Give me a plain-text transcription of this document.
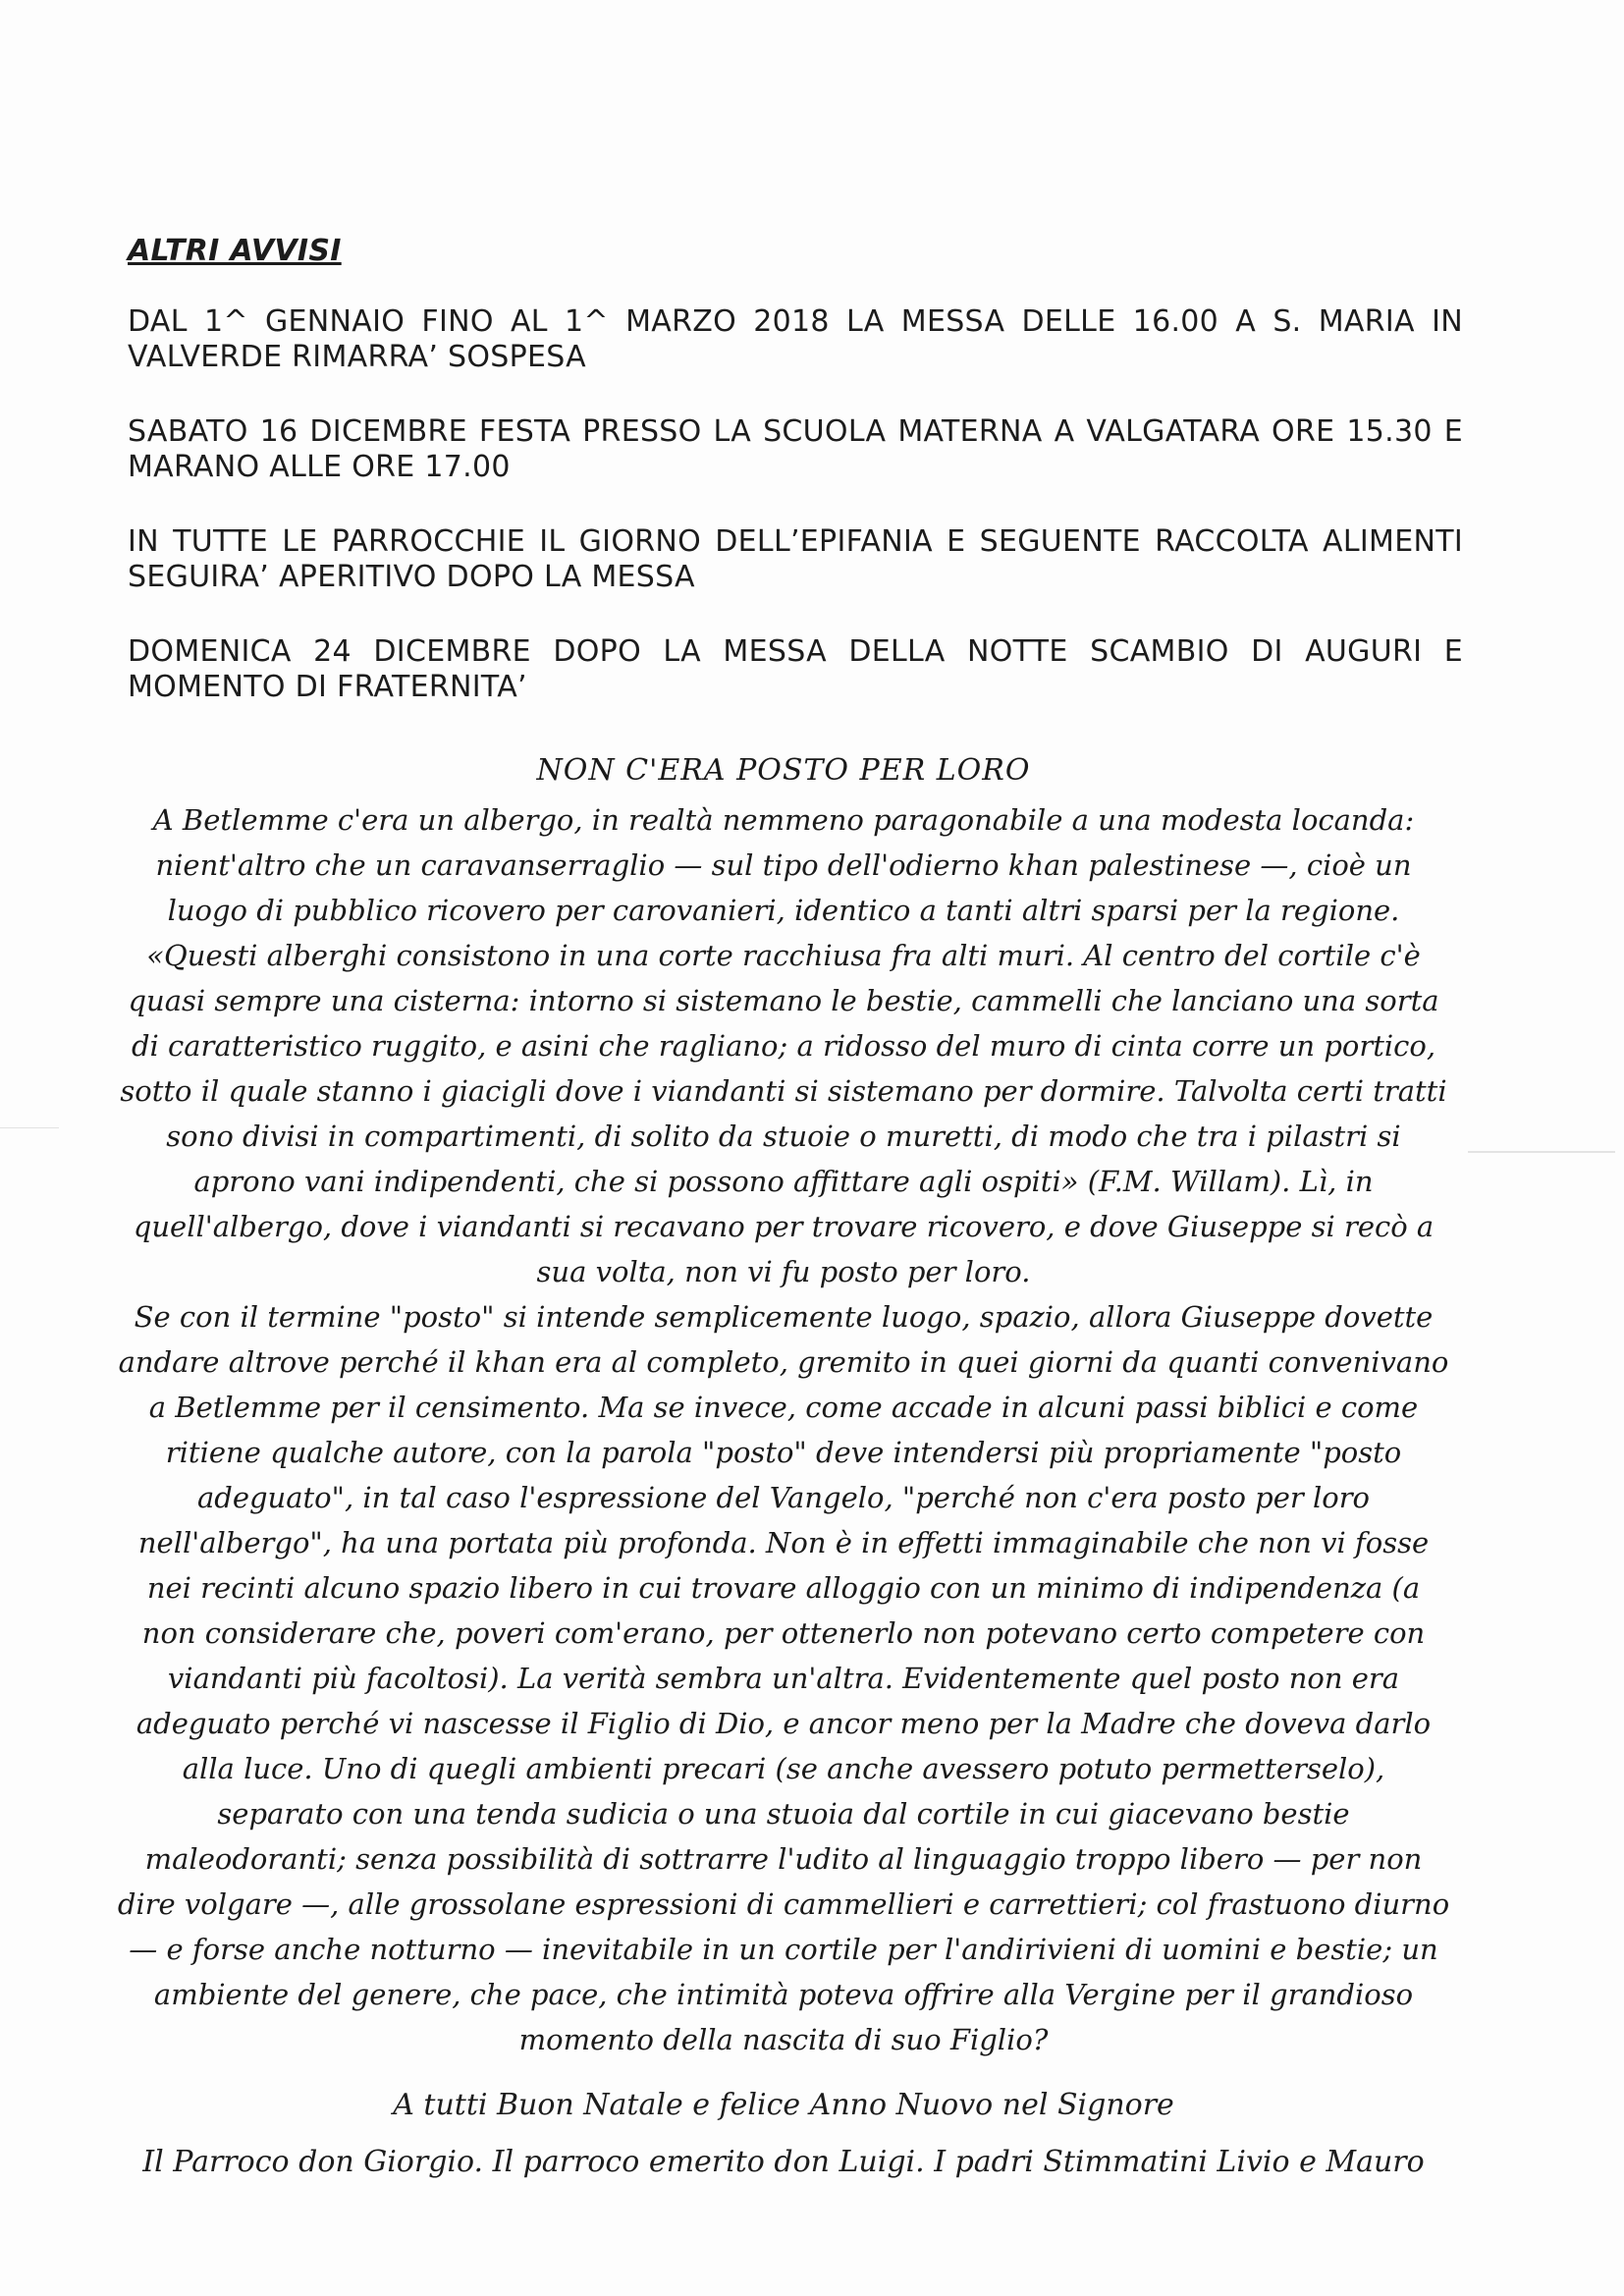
ALTRI AVVISI
DAL 1^ GENNAIO FINO AL 1^ MARZO 2018 LA MESSA DELLE 16.00 A S. MARIA IN VALVERDE RIMARRA’ SOSPESA
SABATO 16 DICEMBRE FESTA PRESSO LA SCUOLA MATERNA A VALGATARA ORE 15.30 E MARANO ALLE ORE 17.00
IN TUTTE LE PARROCCHIE IL GIORNO DELL’EPIFANIA E SEGUENTE RACCOLTA ALIMENTI SEGUIRA’ APERITIVO DOPO LA MESSA
DOMENICA 24 DICEMBRE DOPO LA MESSA DELLA NOTTE SCAMBIO DI AUGURI E MOMENTO DI FRATERNITA’
NON C'ERA POSTO PER LORO

A Betlemme c'era un albergo, in realtà nemmeno paragonabile a una modesta locanda: nient'altro che un caravanserraglio — sul tipo dell'odierno khan palestinese —, cioè un luogo di pubblico ricovero per carovanieri, identico a tanti altri sparsi per la regione. «Questi alberghi consistono in una corte racchiusa fra alti muri. Al centro del cortile c'è quasi sempre una cisterna: intorno si sistemano le bestie, cammelli che lanciano una sorta di caratteristico ruggito, e asini che ragliano; a ridosso del muro di cinta corre un portico, sotto il quale stanno i giacigli dove i viandanti si sistemano per dormire. Talvolta certi tratti sono divisi in compartimenti, di solito da stuoie o muretti, di modo che tra i pilastri si aprono vani indipendenti, che si possono affittare agli ospiti» (F.M. Willam). Lì, in quell'albergo, dove i viandanti si recavano per trovare ricovero, e dove Giuseppe si recò a sua volta, non vi fu posto per loro.

Se con il termine "posto" si intende semplicemente luogo, spazio, allora Giuseppe dovette andare altrove perché il khan era al completo, gremito in quei giorni da quanti convenivano a Betlemme per il censimento. Ma se invece, come accade in alcuni passi biblici e come ritiene qualche autore, con la parola "posto" deve intendersi più propriamente "posto adeguato", in tal caso l'espressione del Vangelo, "perché non c'era posto per loro nell'albergo", ha una portata più profonda. Non è in effetti immaginabile che non vi fosse nei recinti alcuno spazio libero in cui trovare alloggio con un minimo di indipendenza (a non considerare che, poveri com'erano, per ottenerlo non potevano certo competere con viandanti più facoltosi). La verità sembra un'altra. Evidentemente quel posto non era adeguato perché vi nascesse il Figlio di Dio, e ancor meno per la Madre che doveva darlo alla luce. Uno di quegli ambienti precari (se anche avessero potuto permetterselo), separato con una tenda sudicia o una stuoia dal cortile in cui giacevano bestie maleodoranti; senza possibilità di sottrarre l'udito al linguaggio troppo libero — per non dire volgare —, alle grossolane espressioni di cammellieri e carrettieri; col frastuono diurno — e forse anche notturno — inevitabile in un cortile per l'andirivieni di uomini e bestie; un ambiente del genere, che pace, che intimità poteva offrire alla Vergine per il grandioso momento della nascita di suo Figlio?

A tutti Buon Natale e felice Anno Nuovo nel Signore

Il Parroco don Giorgio. Il parroco emerito don Luigi. I padri Stimmatini Livio e Mauro
